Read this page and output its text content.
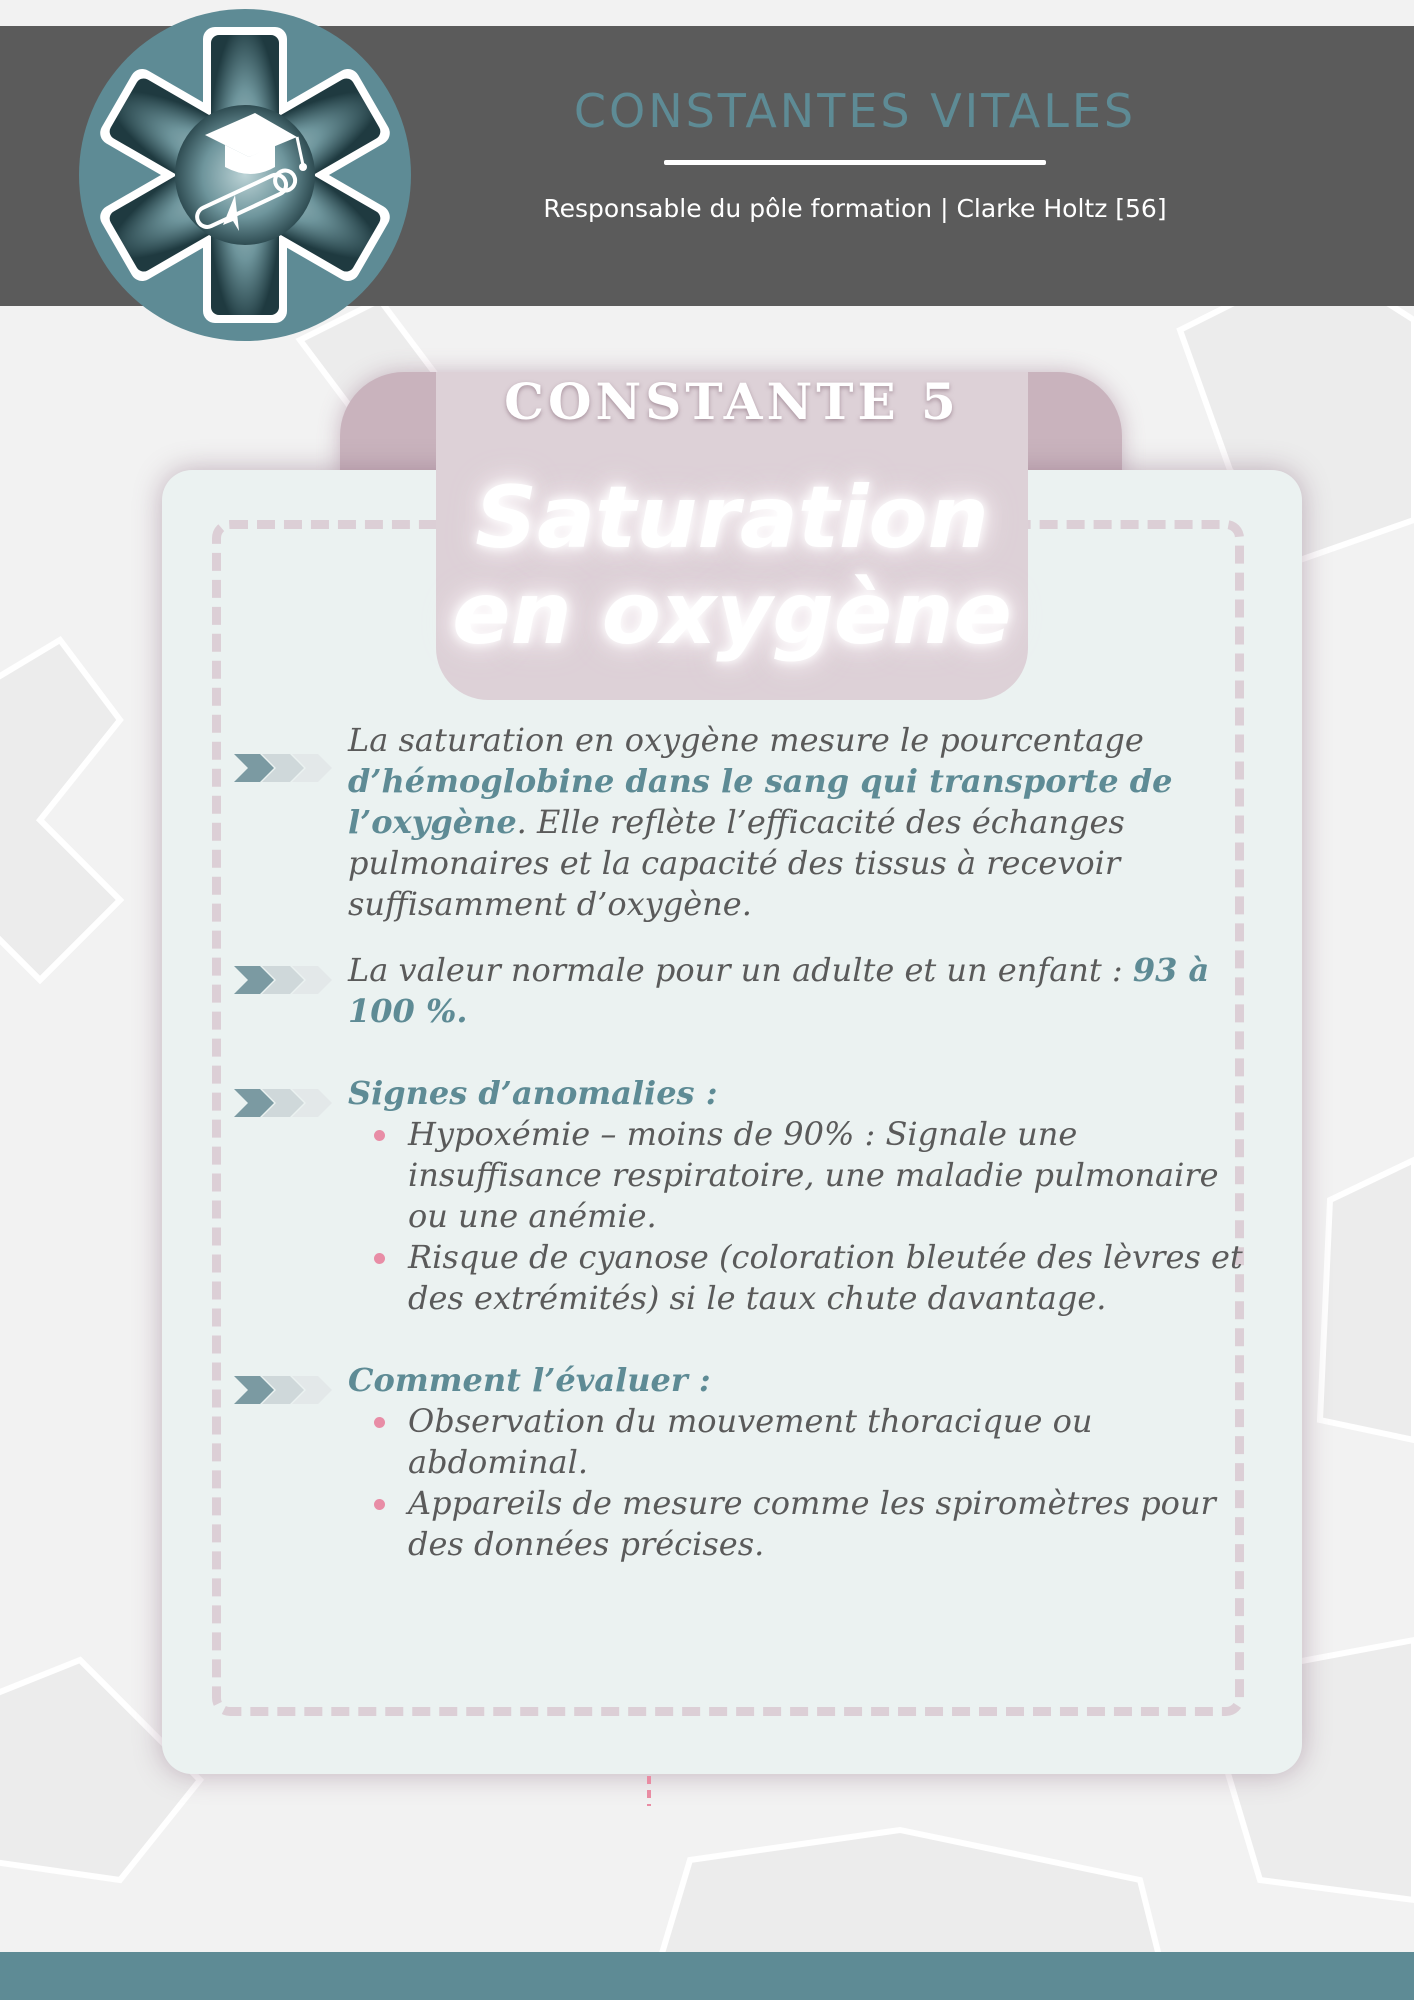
CONSTANTES VITALES
Responsable du pôle formation | Clarke Holtz [56]
CONSTANTE 5
Saturation en oxygène
La saturation en oxygène mesure le pourcentage d’hémoglobine dans le sang qui transporte de l’oxygène. Elle reflète l’efficacité des échanges pulmonaires et la capacité des tissus à recevoir suffisamment d’oxygène.
La valeur normale pour un adulte et un enfant : 93 à 100 %.
Signes d’anomalies :
Hypoxémie – moins de 90% : Signale une insuffisance respiratoire, une maladie pulmonaire ou une anémie.
Risque de cyanose (coloration bleutée des lèvres et des extrémités) si le taux chute davantage.
Comment l’évaluer :
Observation du mouvement thoracique ou abdominal.
Appareils de mesure comme les spiromètres pour des données précises.
